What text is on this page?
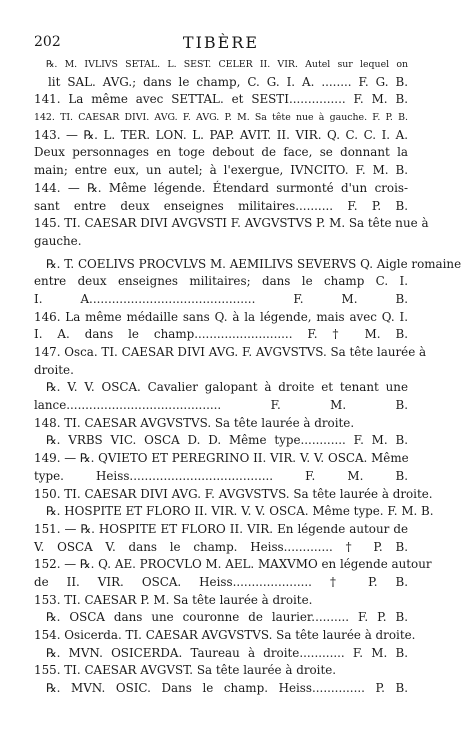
202	TIBÈRE
℞. M. IVLIVS SETAL. L. SEST. CELER II. VIR. Autel sur lequel on
lit SAL. AVG.; dans le champ, C. G. I. A. ........ F. G. B.
141. La même avec SETTAL. et SESTI............... F. M. B.
142. TI. CAESAR DIVI. AVG. F. AVG. P. M. Sa tête nue à gauche. F. P. B.
143. — ℞. L. TER. LON. L. PAP. AVIT. II. VIR. Q. C. C. I. A.
Deux personnages en toge debout de face, se donnant la
main; entre eux, un autel; à l'exergue, IVNCITO. F. M. B.
144. — ℞. Même légende. Étendard surmonté d'un crois-
sant entre deux enseignes militaires.......... F. P. B.
145. TI. CAESAR DIVI AVGVSTI F. AVGVSTVS P. M. Sa tête nue à
gauche.
℞. T. COELIVS PROCVLVS M. AEMILIVS SEVERVS Q. Aigle romaine
entre deux enseignes militaires; dans le champ C. I.
I. A............................................ F. M. B.
146. La même médaille sans Q. à la légende, mais avec Q. I.
I. A. dans le champ.......................... F. † M. B.
147. Osca. TI. CAESAR DIVI AVG. F. AVGVSTVS. Sa tête laurée à
droite.
℞. V. V. OSCA. Cavalier galopant à droite et tenant une
lance......................................... F. M. B.
148. TI. CAESAR AVGVSTVS. Sa tête laurée à droite.
℞. VRBS VIC. OSCA D. D. Même type............ F. M. B.
149. — ℞. QVIETO ET PEREGRINO II. VIR. V. V. OSCA. Même
type. Heiss...................................... F. M. B.
150. TI. CAESAR DIVI AVG. F. AVGVSTVS. Sa tête laurée à droite.
℞. HOSPITE ET FLORO II. VIR. V. V. OSCA. Même type. F. M. B.
151. — ℞. HOSPITE ET FLORO II. VIR. En légende autour de
V. OSCA V. dans le champ. Heiss............. † P. B.
152. — ℞. Q. AE. PROCVLO M. AEL. MAXVMO en légende autour
de II. VIR. OSCA. Heiss..................... † P. B.
153. TI. CAESAR P. M. Sa tête laurée à droite.
℞. OSCA dans une couronne de laurier.......... F. P. B.
154. Osicerda. TI. CAESAR AVGVSTVS. Sa tête laurée à droite.
℞. MVN. OSICERDA. Taureau à droite............ F. M. B.
155. TI. CAESAR AVGVST. Sa tête laurée à droite.
℞. MVN. OSIC. Dans le champ. Heiss.............. P. B.
